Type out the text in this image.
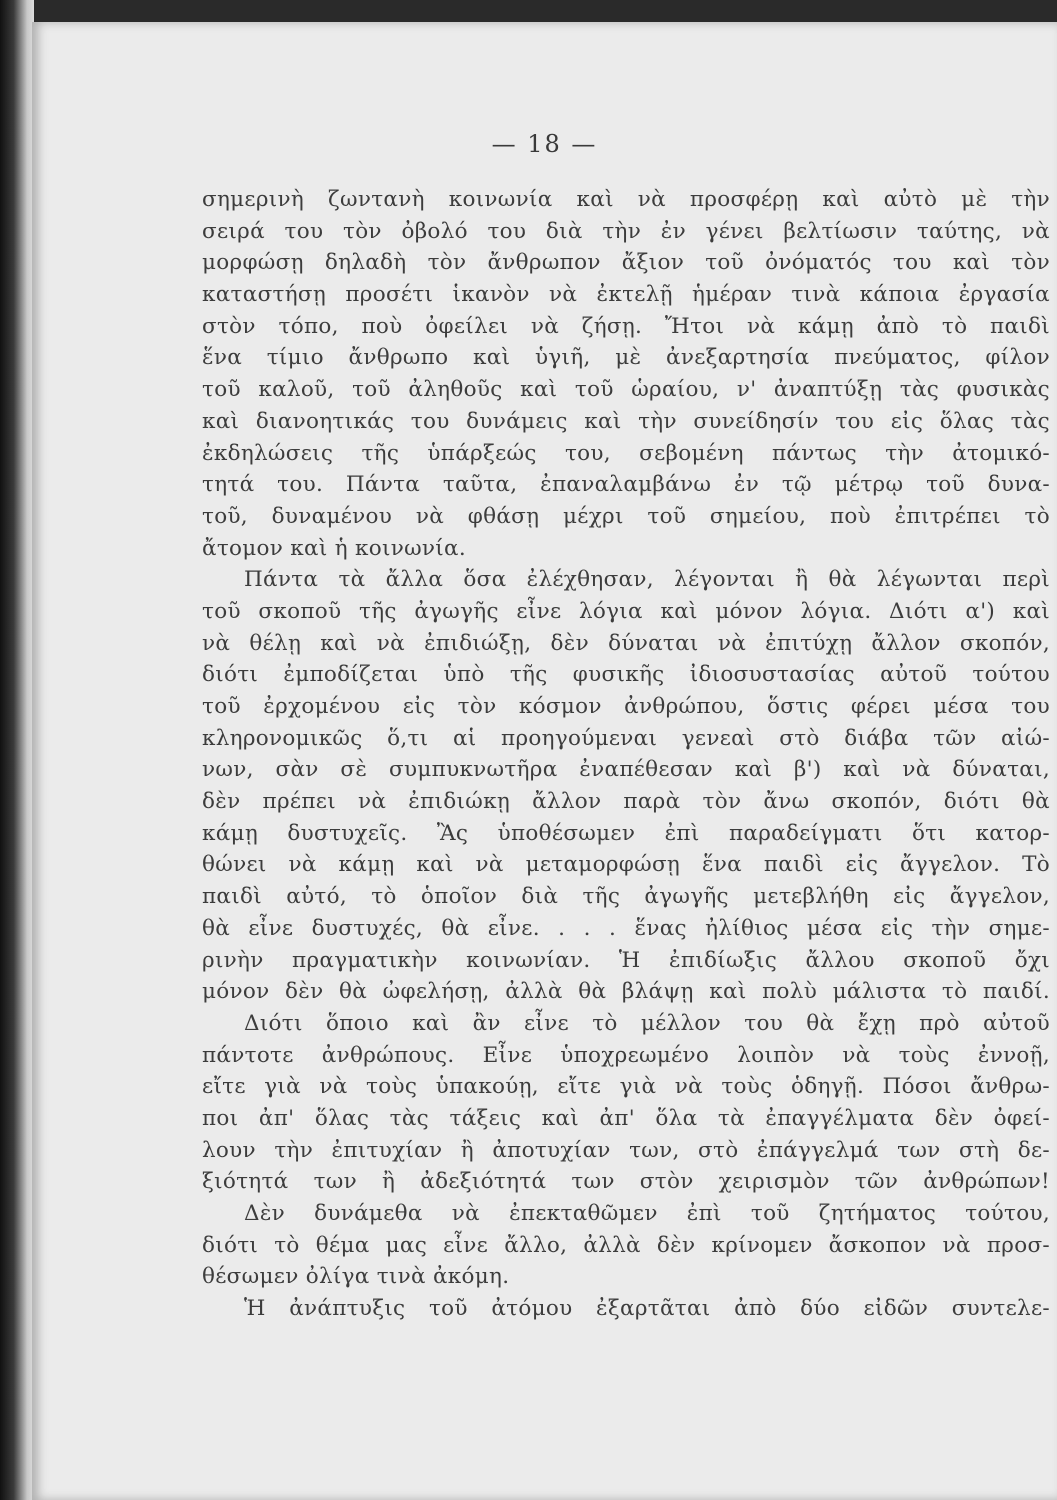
— 18 —
σημερινὴ ζωντανὴ κοινωνία καὶ νὰ προσφέρῃ καὶ αὐτὸ μὲ τὴν
σειρά του τὸν ὀβολό του διὰ τὴν ἐν γένει βελτίωσιν ταύτης, νὰ
μορφώσῃ δηλαδὴ τὸν ἄνθρωπον ἄξιον τοῦ ὀνόματός του καὶ τὸν
καταστήσῃ προσέτι ἱκανὸν νὰ ἐκτελῇ ἡμέραν τινὰ κάποια ἐργασία
στὸν τόπο, ποὺ ὀφείλει νὰ ζήσῃ. Ἤτοι νὰ κάμῃ ἀπὸ τὸ παιδὶ
ἕνα τίμιο ἄνθρωπο καὶ ὑγιῆ, μὲ ἀνεξαρτησία πνεύματος, φίλον
τοῦ καλοῦ, τοῦ ἀληθοῦς καὶ τοῦ ὡραίου, ν' ἀναπτύξῃ τὰς φυσικὰς
καὶ διανοητικάς του δυνάμεις καὶ τὴν συνείδησίν του εἰς ὅλας τὰς
ἐκδηλώσεις τῆς ὑπάρξεώς του, σεβομένη πάντως τὴν ἀτομικό-
τητά του. Πάντα ταῦτα, ἐπαναλαμβάνω ἐν τῷ μέτρῳ τοῦ δυνα-
τοῦ, δυναμένου νὰ φθάσῃ μέχρι τοῦ σημείου, ποὺ ἐπιτρέπει τὸ
ἄτομον καὶ ἡ κοινωνία.
Πάντα τὰ ἄλλα ὅσα ἐλέχθησαν, λέγονται ἢ θὰ λέγωνται περὶ
τοῦ σκοποῦ τῆς ἀγωγῆς εἶνε λόγια καὶ μόνον λόγια. Διότι α') καὶ
νὰ θέλῃ καὶ νὰ ἐπιδιώξῃ, δὲν δύναται νὰ ἐπιτύχῃ ἄλλον σκοπόν,
διότι ἐμποδίζεται ὑπὸ τῆς φυσικῆς ἰδιοσυστασίας αὐτοῦ τούτου
τοῦ ἐρχομένου εἰς τὸν κόσμον ἀνθρώπου, ὅστις φέρει μέσα του
κληρονομικῶς ὅ,τι αἱ προηγούμεναι γενεαὶ στὸ διάβα τῶν αἰώ-
νων, σὰν σὲ συμπυκνωτῆρα ἐναπέθεσαν καὶ β') καὶ νὰ δύναται,
δὲν πρέπει νὰ ἐπιδιώκῃ ἄλλον παρὰ τὸν ἄνω σκοπόν, διότι θὰ
κάμῃ δυστυχεῖς. Ἂς ὑποθέσωμεν ἐπὶ παραδείγματι ὅτι κατορ-
θώνει νὰ κάμῃ καὶ νὰ μεταμορφώσῃ ἕνα παιδὶ εἰς ἄγγελον. Τὸ
παιδὶ αὐτό, τὸ ὁποῖον διὰ τῆς ἀγωγῆς μετεβλήθη εἰς ἄγγελον,
θὰ εἶνε δυστυχές, θὰ εἶνε. . . . ἕνας ἠλίθιος μέσα εἰς τὴν σημε-
ρινὴν πραγματικὴν κοινωνίαν. Ἡ ἐπιδίωξις ἄλλου σκοποῦ ὄχι
μόνον δὲν θὰ ὠφελήσῃ, ἀλλὰ θὰ βλάψῃ καὶ πολὺ μάλιστα τὸ παιδί.
Διότι ὅποιο καὶ ἂν εἶνε τὸ μέλλον του θὰ ἔχῃ πρὸ αὐτοῦ
πάντοτε ἀνθρώπους. Εἶνε ὑποχρεωμένο λοιπὸν νὰ τοὺς ἐννοῇ,
εἴτε γιὰ νὰ τοὺς ὑπακούῃ, εἴτε γιὰ νὰ τοὺς ὁδηγῇ. Πόσοι ἄνθρω-
ποι ἀπ' ὅλας τὰς τάξεις καὶ ἀπ' ὅλα τὰ ἐπαγγέλματα δὲν ὀφεί-
λουν τὴν ἐπιτυχίαν ἢ ἀποτυχίαν των, στὸ ἐπάγγελμά των στὴ δε-
ξιότητά των ἢ ἀδεξιότητά των στὸν χειρισμὸν τῶν ἀνθρώπων!
Δὲν δυνάμεθα νὰ ἐπεκταθῶμεν ἐπὶ τοῦ ζητήματος τούτου,
διότι τὸ θέμα μας εἶνε ἄλλο, ἀλλὰ δὲν κρίνομεν ἄσκοπον νὰ προσ-
θέσωμεν ὀλίγα τινὰ ἀκόμη.
Ἡ ἀνάπτυξις τοῦ ἀτόμου ἐξαρτᾶται ἀπὸ δύο εἰδῶν συντελε-
